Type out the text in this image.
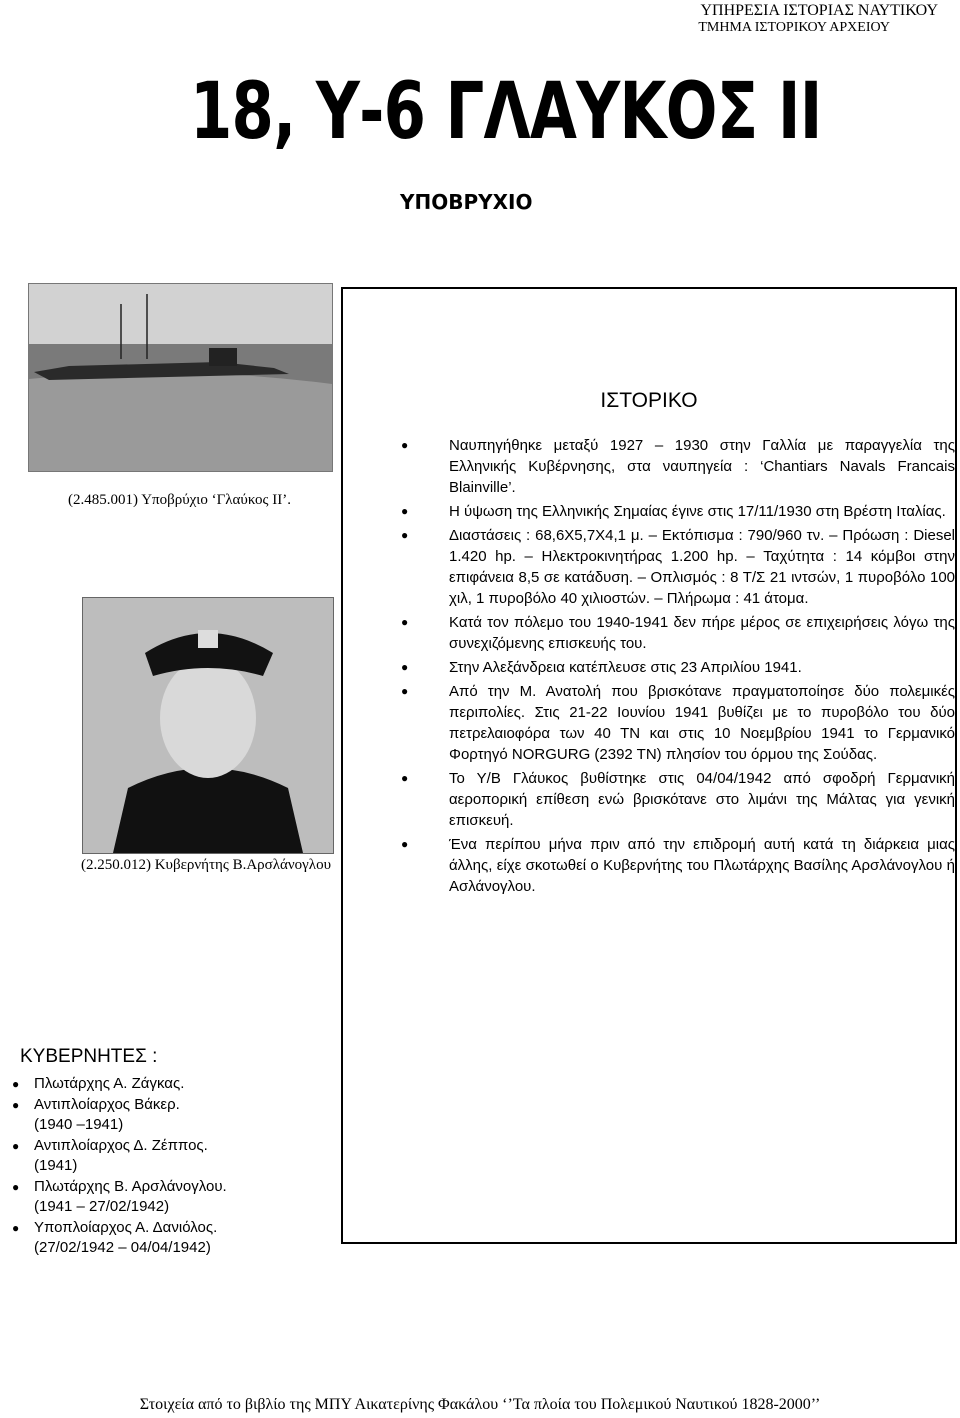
ΥΠΗΡΕΣΙΑ ΙΣΤΟΡΙΑΣ ΝΑΥΤΙΚΟΥ
ΤΜΗΜΑ ΙΣΤΟΡΙΚΟΥ ΑΡΧΕΙΟΥ
18, Υ-6 ΓΛΑΥΚΟΣ ΙΙ
ΥΠΟΒΡΥΧΙΟ
(2.485.001) Υποβρύχιο ‘Γλαύκος ΙΙ’.
(2.250.012) Κυβερνήτης Β.Αρσλάνογλου
ΙΣΤΟΡΙΚΟ
●	Ναυπηγήθηκε μεταξύ 1927 – 1930 στην Γαλλία με παραγγελία της Ελληνικής Κυβέρνησης, στα ναυπηγεία : ‘Chantiars Navals Francais Blainville’.
●	Η ύψωση της Ελληνικής Σημαίας έγινε στις 17/11/1930 στη Βρέστη Ιταλίας.
●	Διαστάσεις : 68,6Χ5,7Χ4,1 μ. – Εκτόπισμα : 790/960 τν. – Πρόωση : Diesel 1.420 hp. – Ηλεκτροκινητήρας 1.200 hp. – Ταχύτητα : 14 κόμβοι στην επιφάνεια 8,5 σε κατάδυση. – Οπλισμός : 8 Τ/Σ 21 ιντσών, 1 πυροβόλο 100 χιλ, 1 πυροβόλο 40 χιλιοστών. – Πλήρωμα : 41 άτομα.
●	Κατά τον πόλεμο του 1940-1941 δεν πήρε μέρος σε επιχειρήσεις λόγω της συνεχιζόμενης επισκευής του.
●	Στην Αλεξάνδρεια κατέπλευσε στις 23 Απριλίου 1941.
●	Από την Μ. Ανατολή που βρισκότανε πραγματοποίησε δύο πολεμικές περιπολίες. Στις 21-22 Ιουνίου 1941 βυθίζει με το πυροβόλο του δύο πετρελαιοφόρα των 40 ΤΝ και στις 10 Νοεμβρίου 1941 το Γερμανικό Φορτηγό NORGURG (2392 TN) πλησίον του όρμου της Σούδας.
●	Το Υ/Β Γλάυκος βυθίστηκε στις 04/04/1942 από σφοδρή Γερμανική αεροπορική επίθεση ενώ βρισκότανε στο λιμάνι της Μάλτας για γενική επισκευή.
●	Ένα περίπου μήνα πριν από την επιδρομή αυτή κατά τη διάρκεια μιας άλλης, είχε σκοτωθεί ο Κυβερνήτης του Πλωτάρχης Βασίλης Αρσλάνογλου ή Ασλάνογλου.
ΚΥΒΕΡΝΗΤΕΣ :
● Πλωτάρχης Α. Ζάγκας.
● Αντιπλοίαρχος Βάκερ.
(1940 –1941)
● Αντιπλοίαρχος Δ. Ζέππος.
(1941)
● Πλωτάρχης Β. Αρσλάνογλου.
(1941 – 27/02/1942)
● Υποπλοίαρχος Α. Δανιόλος.
(27/02/1942 – 04/04/1942)
Στοιχεία από το βιβλίο της ΜΠΥ Αικατερίνης Φακάλου ‘’Τα πλοία του Πολεμικού Ναυτικού 1828-2000’’
